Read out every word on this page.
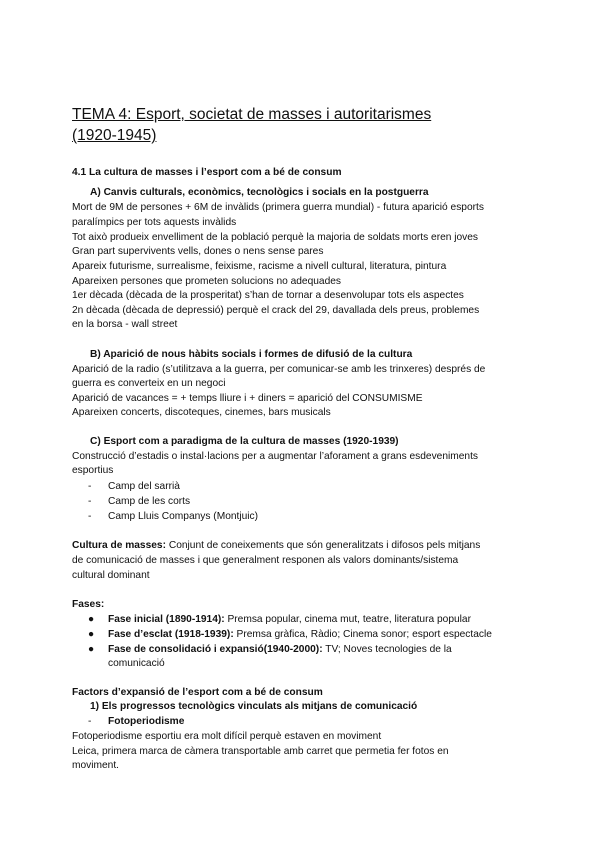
TEMA 4: Esport, societat de masses i autoritarismes
(1920-1945)
4.1 La cultura de masses i l’esport com a bé de consum
A) Canvis culturals, econòmics, tecnològics i socials en la postguerra
Mort de 9M de persones + 6M de invàlids (primera guerra mundial) - futura aparició esports
paralímpics per tots aquests invàlids
Tot això produeix envelliment de la població perquè la majoria de soldats morts eren joves
Gran part supervivents vells, dones o nens sense pares
Apareix futurisme, surrealisme, feixisme, racisme a nivell cultural, literatura, pintura
Apareixen persones que prometen solucions no adequades
1er dècada (dècada de la prosperitat) s’han de tornar a desenvolupar tots els aspectes
2n dècada (dècada de depressió) perquè el crack del 29, davallada dels preus, problemes
en la borsa - wall street
B) Aparició de nous hàbits socials i formes de difusió de la cultura
Aparició de la radio (s’utilitzava a la guerra, per comunicar-se amb les trinxeres) després de
guerra es converteix en un negoci
Aparició de vacances = + temps lliure i + diners = aparició del CONSUMISME
Apareixen concerts, discoteques, cinemes, bars musicals
C) Esport com a paradigma de la cultura de masses (1920-1939)
Construcció d’estadis o instal·lacions per a augmentar l’aforament a grans esdeveniments
esportius
- Camp del sarrià
- Camp de les corts
- Camp Lluis Companys (Montjuic)
Cultura de masses: Conjunt de coneixements que són generalitzats i difosos pels mitjans
de comunicació de masses i que generalment responen als valors dominants/sistema
cultural dominant
Fases:
● Fase inicial (1890-1914): Premsa popular, cinema mut, teatre, literatura popular
● Fase d’esclat (1918-1939): Premsa gràfica, Ràdio; Cinema sonor; esport espectacle
● Fase de consolidació i expansió(1940-2000): TV; Noves tecnologies de la
comunicació
Factors d’expansió de l’esport com a bé de consum
1) Els progressos tecnològics vinculats als mitjans de comunicació
- Fotoperiodisme
Fotoperiodisme esportiu era molt difícil perquè estaven en moviment
Leica, primera marca de càmera transportable amb carret que permetia fer fotos en
moviment.
